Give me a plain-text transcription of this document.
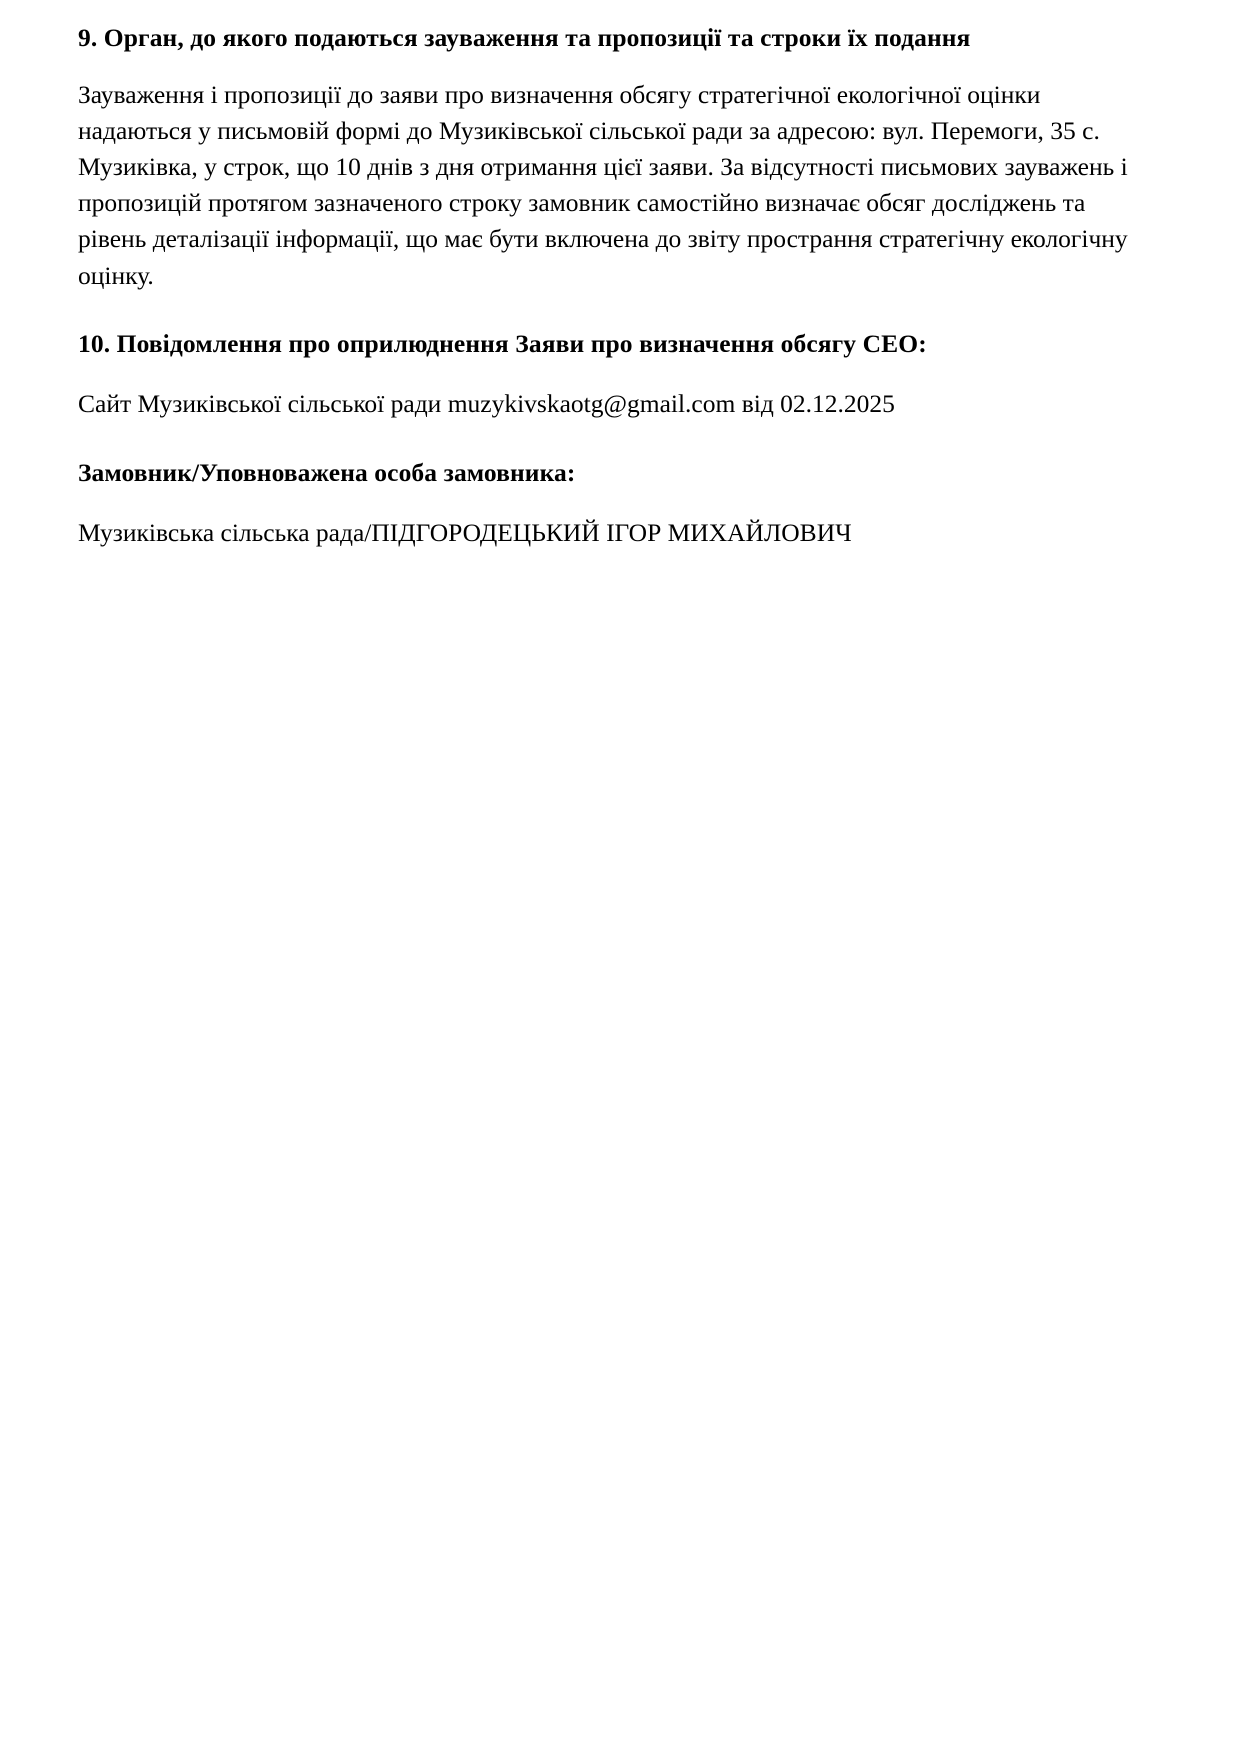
9. Орган, до якого подаються зауваження та пропозиції та строки їх подання

Зауваження і пропозиції до заяви про визначення обсягу стратегічної екологічної оцінки надаються у письмовій формі до Музиківської сільської ради за адресою: вул. Перемоги, 35 с. Музиківка, у строк, що 10 днів з дня отримання цієї заяви. За відсутності письмових зауважень і пропозицій протягом зазначеного строку замовник самостійно визначає обсяг досліджень та рівень деталізації інформації, що має бути включена до звіту пространня стратегічну екологічну оцінку.

10. Повідомлення про оприлюднення Заяви про визначення обсягу СЕО:

Сайт Музиківської сільської ради muzykivskaotg@gmail.com від 02.12.2025

Замовник/Уповноважена особа замовника:

Музиківська сільська рада/ПІДГОРОДЕЦЬКИЙ ІГОР МИХАЙЛОВИЧ
